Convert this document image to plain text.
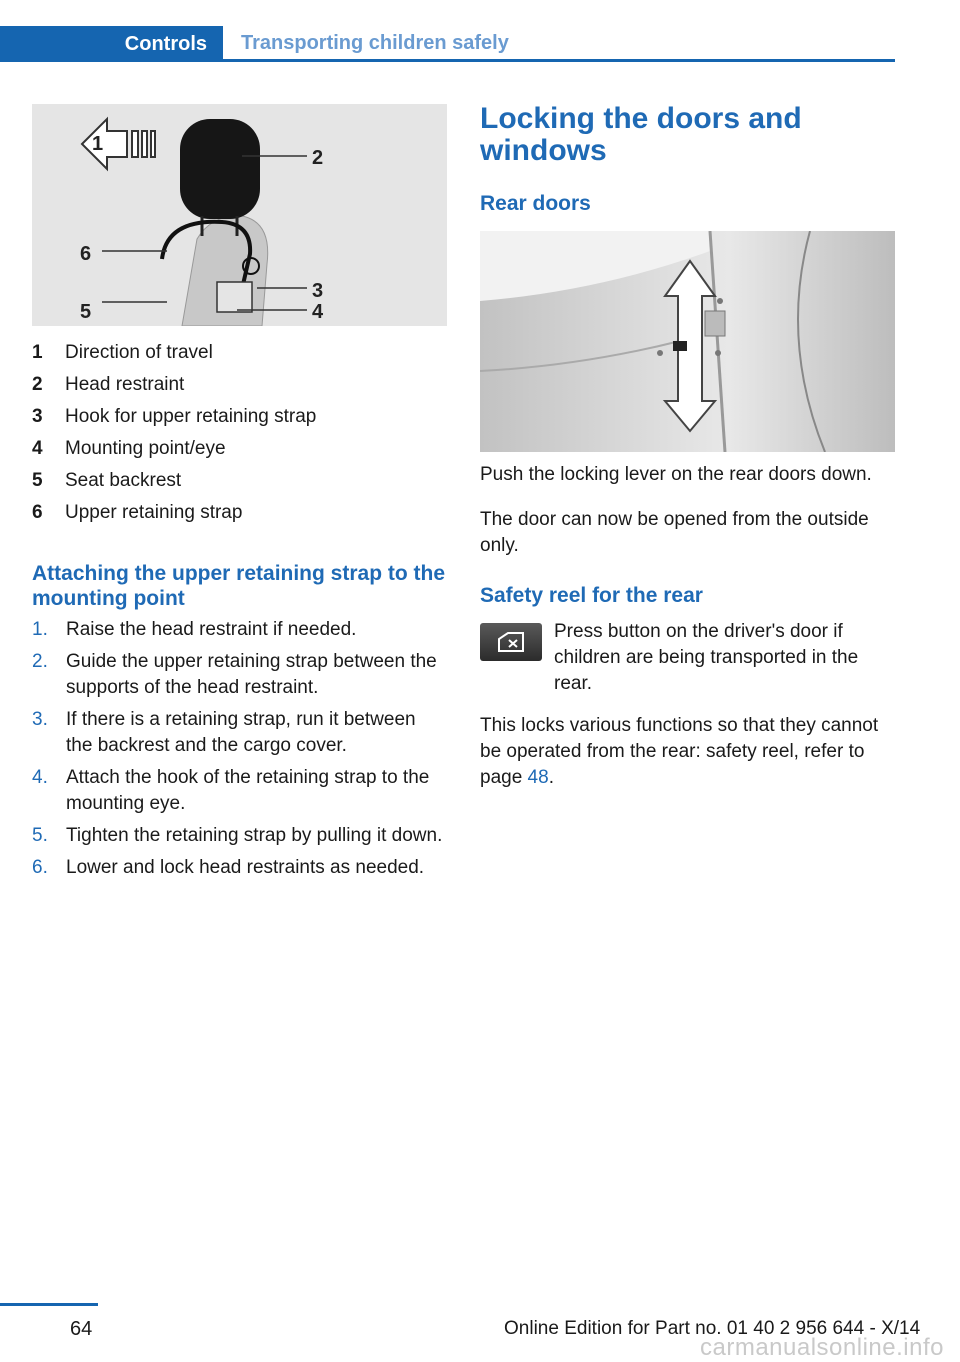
Controls Transporting children safely
1
2
3
4
5
6
1	Direction of travel
2	Head restraint
3	Hook for upper retaining strap
4	Mounting point/eye
5	Seat backrest
6	Upper retaining strap
Attaching the upper retaining strap to the mounting point
1. Raise the head restraint if needed.
2. Guide the upper retaining strap between the supports of the head restraint.
3. If there is a retaining strap, run it between the backrest and the cargo cover.
4. Attach the hook of the retaining strap to the mounting eye.
5. Tighten the retaining strap by pulling it down.
6. Lower and lock head restraints as needed.
Locking the doors and windows
Rear doors

Push the locking lever on the rear doors down.

The door can now be opened from the outside only.

Safety reel for the rear

Press button on the driver's door if children are being transported in the rear.

This locks various functions so that they cannot be operated from the rear: safety reel, refer to page 48.

64	Online Edition for Part no. 01 40 2 956 644 - X/14
carmanualsonline.info
